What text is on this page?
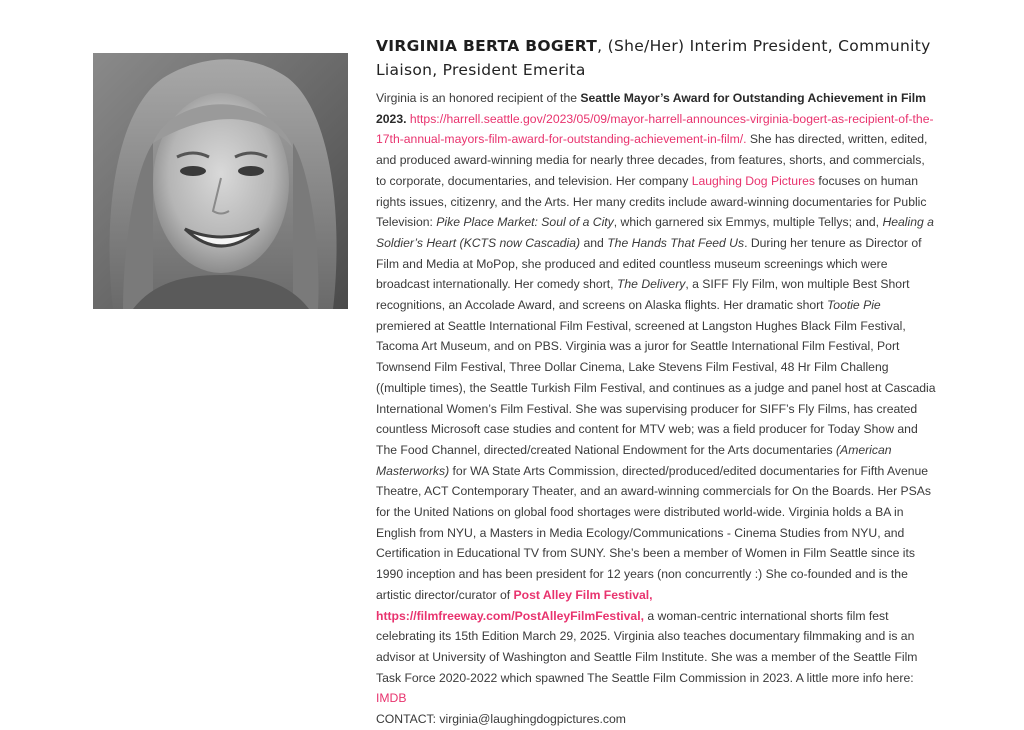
VIRGINIA BERTA BOGERT, (She/Her) Interim President, Community Liaison, President Emerita

Virginia is an honored recipient of the Seattle Mayor’s Award for Outstanding Achievement in Film 2023. https://harrell.seattle.gov/2023/05/09/mayor-harrell-announces-virginia-bogert-as-recipient-of-the-17th-annual-mayors-film-award-for-outstanding-achievement-in-film/. She has directed, written, edited, and produced award-winning media for nearly three decades, from features, shorts, and commercials, to corporate, documentaries, and television. Her company Laughing Dog Pictures focuses on human rights issues, citizenry, and the Arts. Her many credits include award-winning documentaries for Public Television: Pike Place Market: Soul of a City, which garnered six Emmys, multiple Tellys; and, Healing a Soldier’s Heart (KCTS now Cascadia) and The Hands That Feed Us. During her tenure as Director of Film and Media at MoPop, she produced and edited countless museum screenings which were broadcast internationally. Her comedy short, The Delivery, a SIFF Fly Film, won multiple Best Short recognitions, an Accolade Award, and screens on Alaska flights. Her dramatic short Tootie Pie premiered at Seattle International Film Festival, screened at Langston Hughes Black Film Festival, Tacoma Art Museum, and on PBS. Virginia was a juror for Seattle International Film Festival, Port Townsend Film Festival, Three Dollar Cinema, Lake Stevens Film Festival, 48 Hr Film Challeng ((multiple times), the Seattle Turkish Film Festival, and continues as a judge and panel host at Cascadia International Women’s Film Festival. She was supervising producer for SIFF’s Fly Films, has created countless Microsoft case studies and content for MTV web; was a field producer for Today Show and The Food Channel, directed/created National Endowment for the Arts documentaries (American Masterworks) for WA State Arts Commission, directed/produced/edited documentaries for Fifth Avenue Theatre, ACT Contemporary Theater, and an award-winning commercials for On the Boards. Her PSAs for the United Nations on global food shortages were distributed world-wide. Virginia holds a BA in English from NYU, a Masters in Media Ecology/Communications - Cinema Studies from NYU, and Certification in Educational TV from SUNY. She’s been a member of Women in Film Seattle since its 1990 inception and has been president for 12 years (non concurrently :) She co-founded and is the artistic director/curator of Post Alley Film Festival,
https://filmfreeway.com/PostAlleyFilmFestival, a woman-centric international shorts film fest celebrating its 15th Edition March 29, 2025. Virginia also teaches documentary filmmaking and is an advisor at University of Washington and Seattle Film Institute. She was a member of the Seattle Film Task Force 2020-2022 which spawned The Seattle Film Commission in 2023. A little more info here: IMDB
CONTACT: virginia@laughingdogpictures.com
